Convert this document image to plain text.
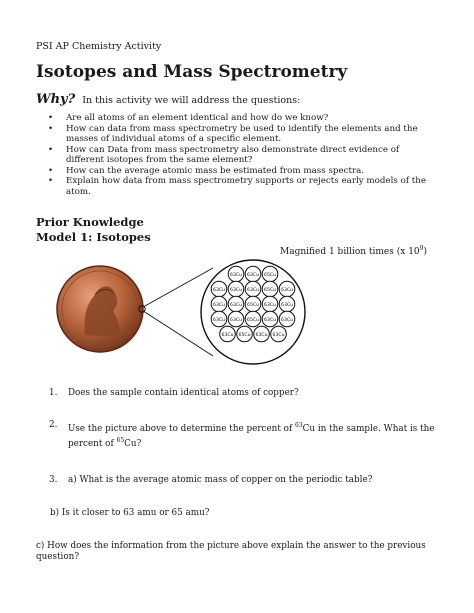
PSI AP Chemistry Activity
Isotopes and Mass Spectrometry
Why? In this activity we will address the questions:
• Are all atoms of an element identical and how do we know?
• How can data from mass spectrometry be used to identify the elements and the masses of individual atoms of a specific element.
• How can Data from mass spectrometry also demonstrate direct evidence of different isotopes from the same element?
• How can the average atomic mass be estimated from mass spectra.
• Explain how data from mass spectrometry supports or rejects early models of the atom.
Prior Knowledge
Model 1: Isotopes
Magnified 1 billion times (x $10^9$)
63Cu 63Cu 65Cu
63Cu 63Cu 63Cu 65Cu 63Cu
63Cu 63Cu 65Cu 63Cu 63Cu
63Cu 63Cu 65Cu 63Cu 63Cu
63Cu 65Cu 63Cu 63Cu
1. Does the sample contain identical atoms of copper?
2. Use the picture above to determine the percent of $^{63}$Cu in the sample. What is the percent of $^{65}$Cu?
3. a) What is the average atomic mass of copper on the periodic table?
b) Is it closer to 63 amu or 65 amu?
c) How does the information from the picture above explain the answer to the previous question?
